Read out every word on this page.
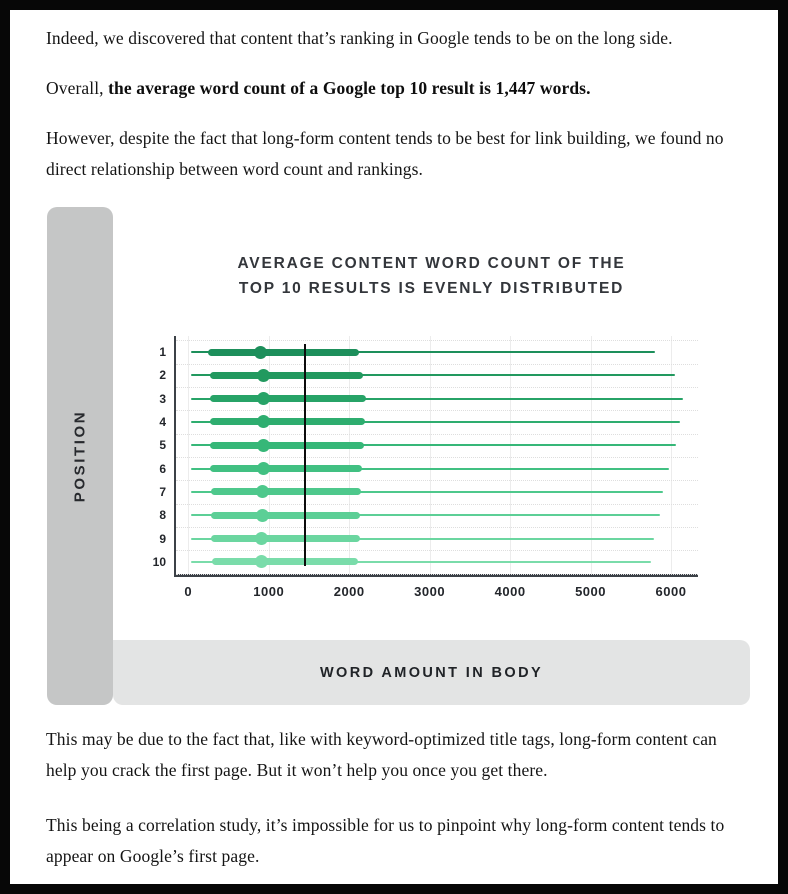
Indeed, we discovered that content that’s ranking in Google tends to be on the long side.

Overall, the average word count of a Google top 10 result is 1,447 words.

However, despite the fact that long-form content tends to be best for link building, we found no direct relationship between word count and rankings.

POSITION
AVERAGE CONTENT WORD COUNT OF THE
TOP 10 RESULTS IS EVENLY DISTRIBUTED
0	1000	2000	3000	4000	5000	6000
1
2
3
4
5
6
7
8
9
10
WORD AMOUNT IN BODY

This may be due to the fact that, like with keyword-optimized title tags, long-form content can help you crack the first page. But it won’t help you once you get there.

This being a correlation study, it’s impossible for us to pinpoint why long-form content tends to appear on Google’s first page.
